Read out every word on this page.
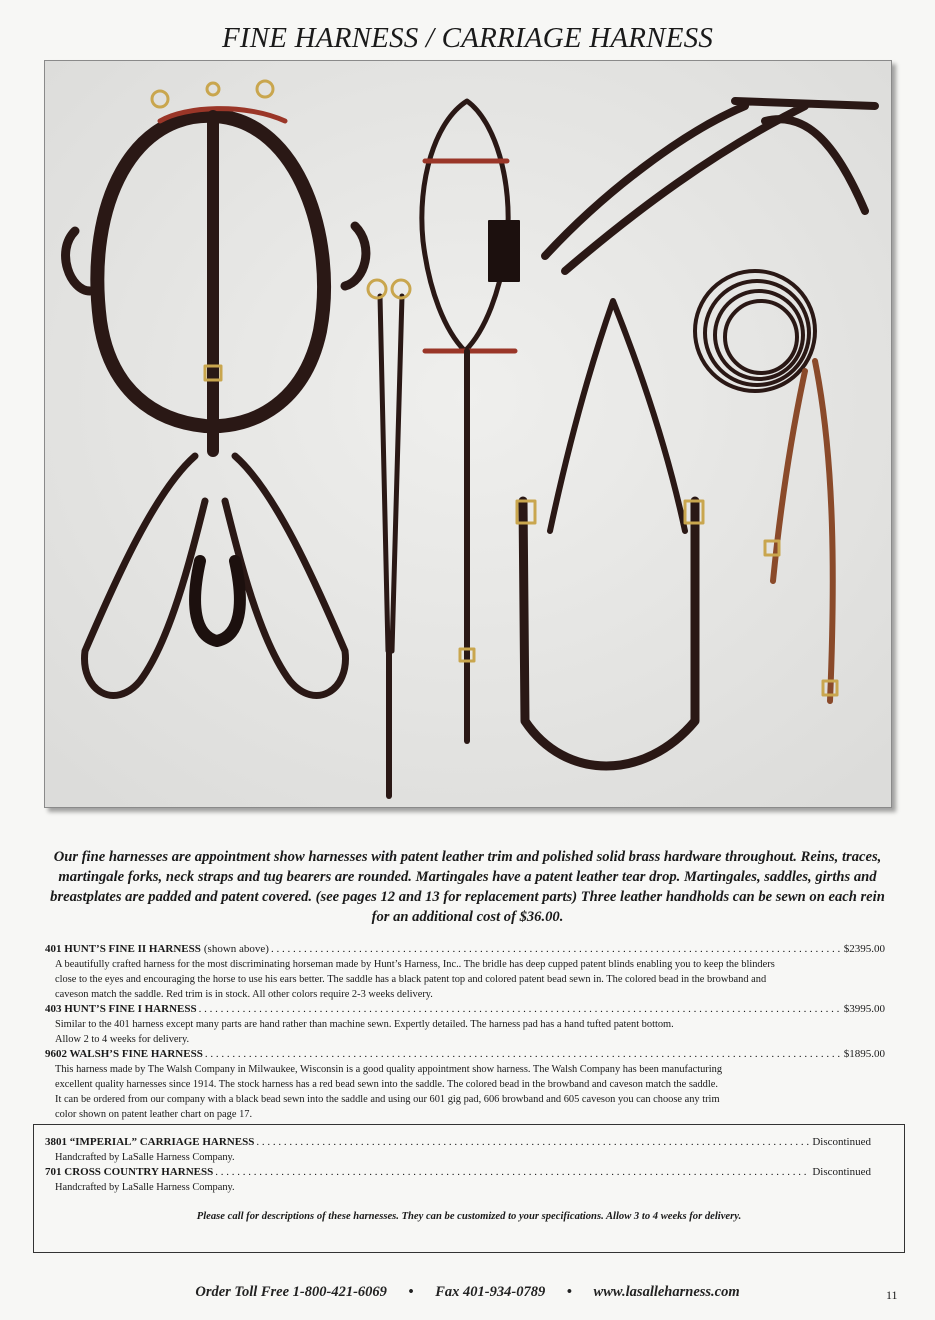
FINE HARNESS / CARRIAGE HARNESS
Our fine harnesses are appointment show harnesses with patent leather trim and polished solid brass hardware throughout. Reins, traces, martingale forks, neck straps and tug bearers are rounded. Martingales have a patent leather tear drop. Martingales, saddles, girths and breastplates are padded and patent covered. (see pages 12 and 13 for replacement parts) Three leather handholds can be sewn on each rein for an additional cost of $36.00.
401 HUNT’S FINE II HARNESS (shown above) . . .	$2395.00
A beautifully crafted harness for the most discriminating horseman made by Hunt’s Harness, Inc.. The bridle has deep cupped patent blinds enabling you to keep the blinders
close to the eyes and encouraging the horse to use his ears better. The saddle has a black patent top and colored patent bead sewn in. The colored bead in the browband and
caveson match the saddle. Red trim is in stock. All other colors require 2-3 weeks delivery.
403 HUNT’S FINE I HARNESS . . .	$3995.00
Similar to the 401 harness except many parts are hand rather than machine sewn. Expertly detailed. The harness pad has a hand tufted patent bottom.
Allow 2 to 4 weeks for delivery.
9602 WALSH’S FINE HARNESS . . .	$1895.00
This harness made by The Walsh Company in Milwaukee, Wisconsin is a good quality appointment show harness. The Walsh Company has been manufacturing
excellent quality harnesses since 1914. The stock harness has a red bead sewn into the saddle. The colored bead in the browband and caveson match the saddle.
It can be ordered from our company with a black bead sewn into the saddle and using our 601 gig pad, 606 browband and 605 caveson you can choose any trim
color shown on patent leather chart on page 17.
3801 “IMPERIAL” CARRIAGE HARNESS . . .	Discontinued
Handcrafted by LaSalle Harness Company.
701 CROSS COUNTRY HARNESS . . .	Discontinued
Handcrafted by LaSalle Harness Company.
Please call for descriptions of these harnesses. They can be customized to your specifications. Allow 3 to 4 weeks for delivery.
Order Toll Free 1-800-421-6069 • Fax 401-934-0789 • www.lasalleharness.com	11
